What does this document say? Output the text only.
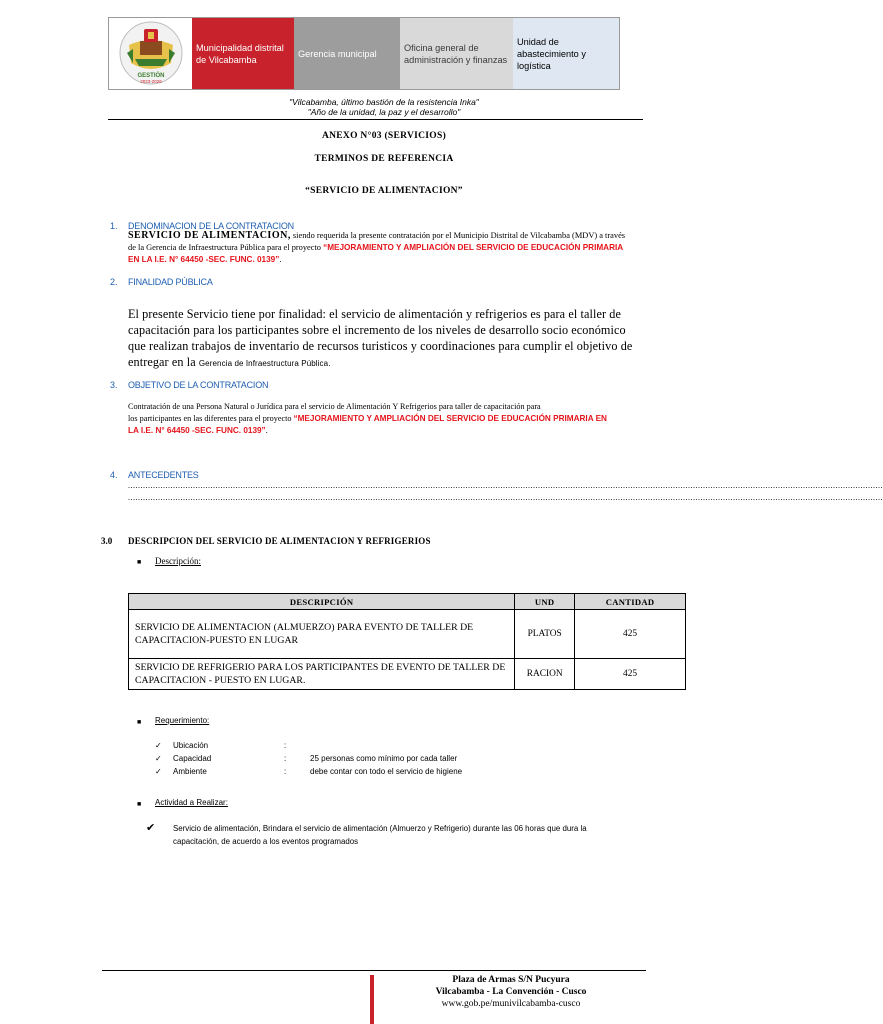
GESTIÓN
2023-2026
Municipalidad distrital de Vilcabamba
Gerencia municipal
Oficina general de administración y finanzas
Unidad de abastecimiento y logística
"Vilcabamba, último bastión de la resistencia Inka"
"Año de la unidad, la paz y el desarrollo"
ANEXO N°03 (SERVICIOS)
TERMINOS DE REFERENCIA
“SERVICIO DE ALIMENTACION”
1. DENOMINACION DE LA CONTRATACION
SERVICIO DE ALIMENTACION, siendo requerida la presente contratación por el Municipio Distrital de Vilcabamba (MDV) a través
de la Gerencia de Infraestructura Pública para el proyecto “MEJORAMIENTO Y AMPLIACIÓN DEL SERVICIO DE EDUCACIÓN PRIMARIA
EN LA I.E. N° 64450 -SEC. FUNC. 0139”.
2. FINALIDAD PÚBLICA
El presente Servicio tiene por finalidad: el servicio de alimentación y refrigerios es para el taller de
capacitación para los participantes sobre el incremento de los niveles de desarrollo socio económico
que realizan trabajos de inventario de recursos turisticos y coordinaciones para cumplir el objetivo de
entregar en la Gerencia de Infraestructura Pública.
3. OBJETIVO DE LA CONTRATACION
Contratación de una Persona Natural o Jurídica para el servicio de Alimentación Y Refrigerios para taller de capacitación para
los participantes en las diferentes para el proyecto “MEJORAMIENTO Y AMPLIACIÓN DEL SERVICIO DE EDUCACIÓN PRIMARIA EN
LA I.E. N° 64450 -SEC. FUNC. 0139”.
4. ANTECEDENTES
..............................................................................................................................................................................................................................................................................................................
..............................................................................................................................................................................................................................................................................................................
3.0 DESCRIPCION DEL SERVICIO DE ALIMENTACION Y REFRIGERIOS
■ Descripción:
DESCRIPCIÓN	UND	CANTIDAD
SERVICIO DE ALIMENTACION (ALMUERZO) PARA EVENTO DE TALLER DE CAPACITACION-PUESTO EN LUGAR	PLATOS	425
SERVICIO DE REFRIGERIO PARA LOS PARTICIPANTES DE EVENTO DE TALLER DE CAPACITACION - PUESTO EN LUGAR.	RACION	425
■ Requerimiento:
✓ Ubicación	:
✓ Capacidad	:	25 personas como mínimo por cada taller
✓ Ambiente	:	debe contar con todo el servicio de higiene
■ Actividad a Realizar:
✔ Servicio de alimentación, Brindara el servicio de alimentación (Almuerzo y Refrigerio) durante las 06 horas que dura la
capacitación, de acuerdo a los eventos programados
Plaza de Armas S/N Pucyura
Vilcabamba - La Convención - Cusco
www.gob.pe/munivilcabamba-cusco
